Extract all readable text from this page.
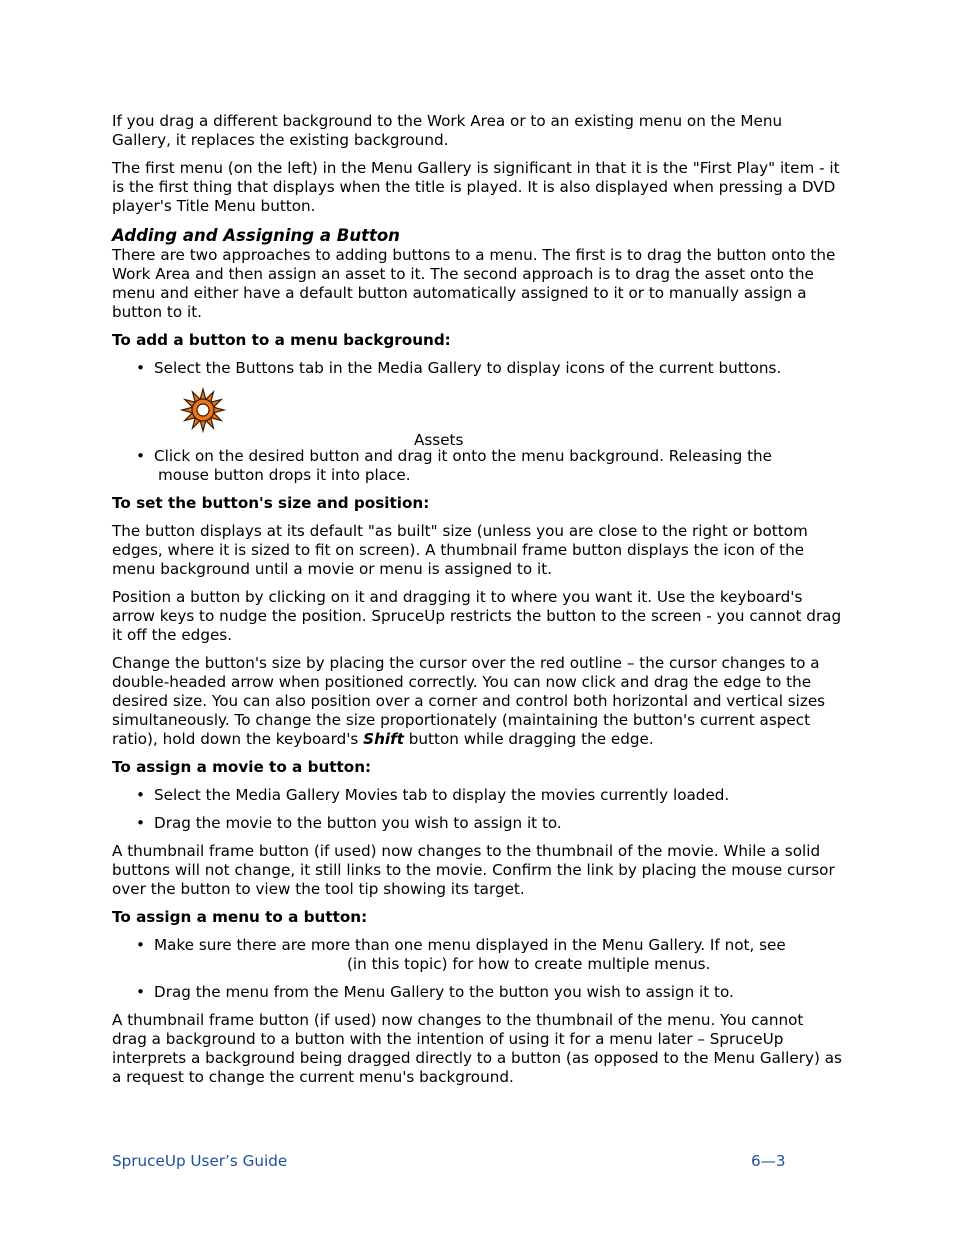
If you drag a different background to the Work Area or to an existing menu on the Menu Gallery, it replaces the existing background.

The first menu (on the left) in the Menu Gallery is significant in that it is the "First Play" item - it is the first thing that displays when the title is played. It is also displayed when pressing a DVD player's Title Menu button.

Adding and Assigning a Button

There are two approaches to adding buttons to a menu. The first is to drag the button onto the Work Area and then assign an asset to it. The second approach is to drag the asset onto the menu and either have a default button automatically assigned to it or to manually assign a button to it.

To add a button to a menu background:
• Select the Buttons tab in the Media Gallery to display icons of the current buttons.
Assets
• Click on the desired button and drag it onto the menu background. Releasing the
mouse button drops it into place.
To set the button's size and position:

The button displays at its default "as built" size (unless you are close to the right or bottom edges, where it is sized to fit on screen). A thumbnail frame button displays the icon of the menu background until a movie or menu is assigned to it.

Position a button by clicking on it and dragging it to where you want it. Use the keyboard's arrow keys to nudge the position. SpruceUp restricts the button to the screen - you cannot drag it off the edges.

Change the button's size by placing the cursor over the red outline – the cursor changes to a double-headed arrow when positioned correctly. You can now click and drag the edge to the desired size. You can also position over a corner and control both horizontal and vertical sizes simultaneously. To change the size proportionately (maintaining the button's current aspect ratio), hold down the keyboard's Shift button while dragging the edge.

To assign a movie to a button:
• Select the Media Gallery Movies tab to display the movies currently loaded.
• Drag the movie to the button you wish to assign it to.

A thumbnail frame button (if used) now changes to the thumbnail of the movie. While a solid buttons will not change, it still links to the movie. Confirm the link by placing the mouse cursor over the button to view the tool tip showing its target.

To assign a menu to a button:
• Make sure there are more than one menu displayed in the Menu Gallery. If not, see
(in this topic) for how to create multiple menus.
• Drag the menu from the Menu Gallery to the button you wish to assign it to.

A thumbnail frame button (if used) now changes to the thumbnail of the menu. You cannot drag a background to a button with the intention of using it for a menu later – SpruceUp interprets a background being dragged directly to a button (as opposed to the Menu Gallery) as a request to change the current menu's background.

SpruceUp User’s Guide	6—3
